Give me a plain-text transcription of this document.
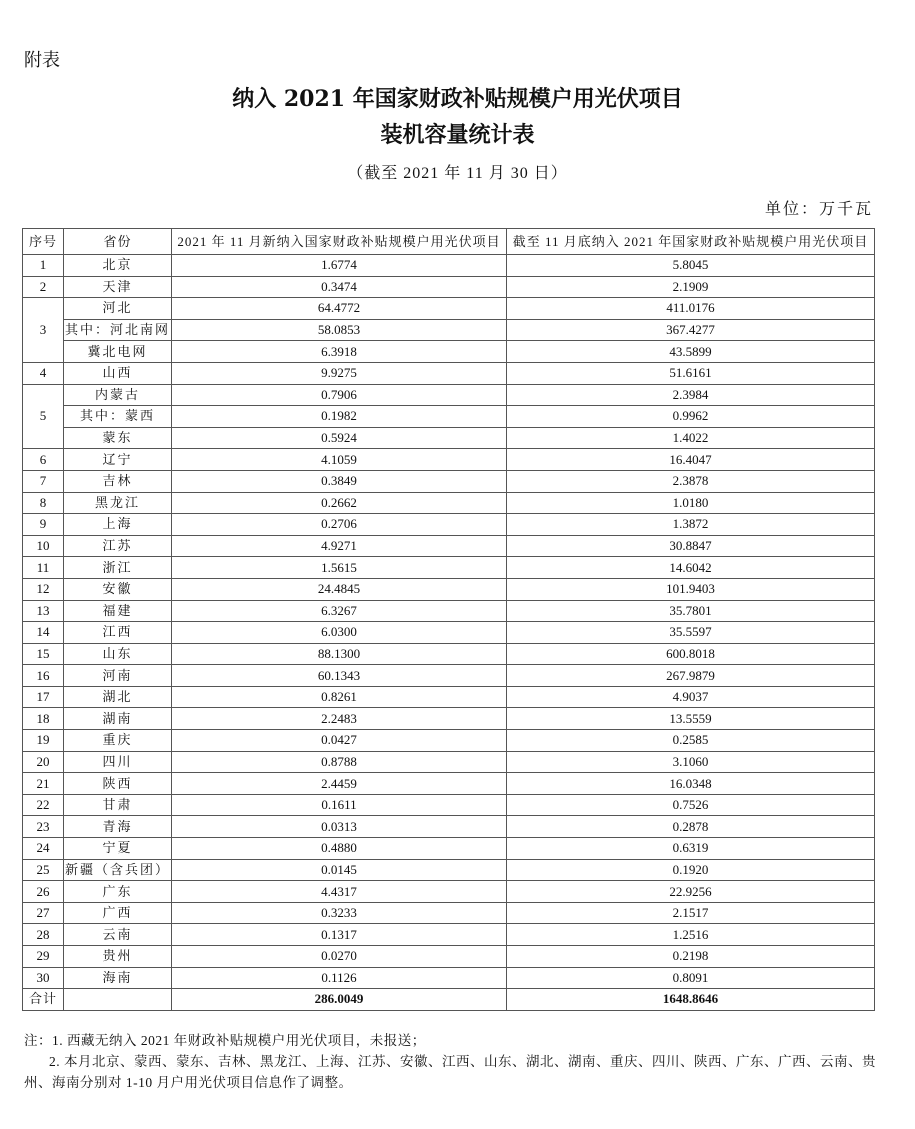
附表
纳入 2021 年国家财政补贴规模户用光伏项目
装机容量统计表
（截至 2021 年 11 月 30 日）
单位：万千瓦
序号	省份	2021 年 11 月新纳入国家财政补贴规模户用光伏项目	截至 11 月底纳入 2021 年国家财政补贴规模户用光伏项目
1	北京	1.6774	5.8045
2	天津	0.3474	2.1909
3	河北	64.4772	411.0176
	其中：河北南网	58.0853	367.4277
	冀北电网	6.3918	43.5899
4	山西	9.9275	51.6161
5	内蒙古	0.7906	2.3984
	其中：蒙西	0.1982	0.9962
	蒙东	0.5924	1.4022
6	辽宁	4.1059	16.4047
7	吉林	0.3849	2.3878
8	黑龙江	0.2662	1.0180
9	上海	0.2706	1.3872
10	江苏	4.9271	30.8847
11	浙江	1.5615	14.6042
12	安徽	24.4845	101.9403
13	福建	6.3267	35.7801
14	江西	6.0300	35.5597
15	山东	88.1300	600.8018
16	河南	60.1343	267.9879
17	湖北	0.8261	4.9037
18	湖南	2.2483	13.5559
19	重庆	0.0427	0.2585
20	四川	0.8788	3.1060
21	陕西	2.4459	16.0348
22	甘肃	0.1611	0.7526
23	青海	0.0313	0.2878
24	宁夏	0.4880	0.6319
25	新疆（含兵团）	0.0145	0.1920
26	广东	4.4317	22.9256
27	广西	0.3233	2.1517
28	云南	0.1317	1.2516
29	贵州	0.0270	0.2198
30	海南	0.1126	0.8091
合计		286.0049	1648.8646
注：1. 西藏无纳入 2021 年财政补贴规模户用光伏项目，未报送；
2. 本月北京、蒙西、蒙东、吉林、黑龙江、上海、江苏、安徽、江西、山东、湖北、湖南、重庆、四川、陕西、广东、广西、云南、贵州、海南分别对 1-10 月户用光伏项目信息作了调整。
